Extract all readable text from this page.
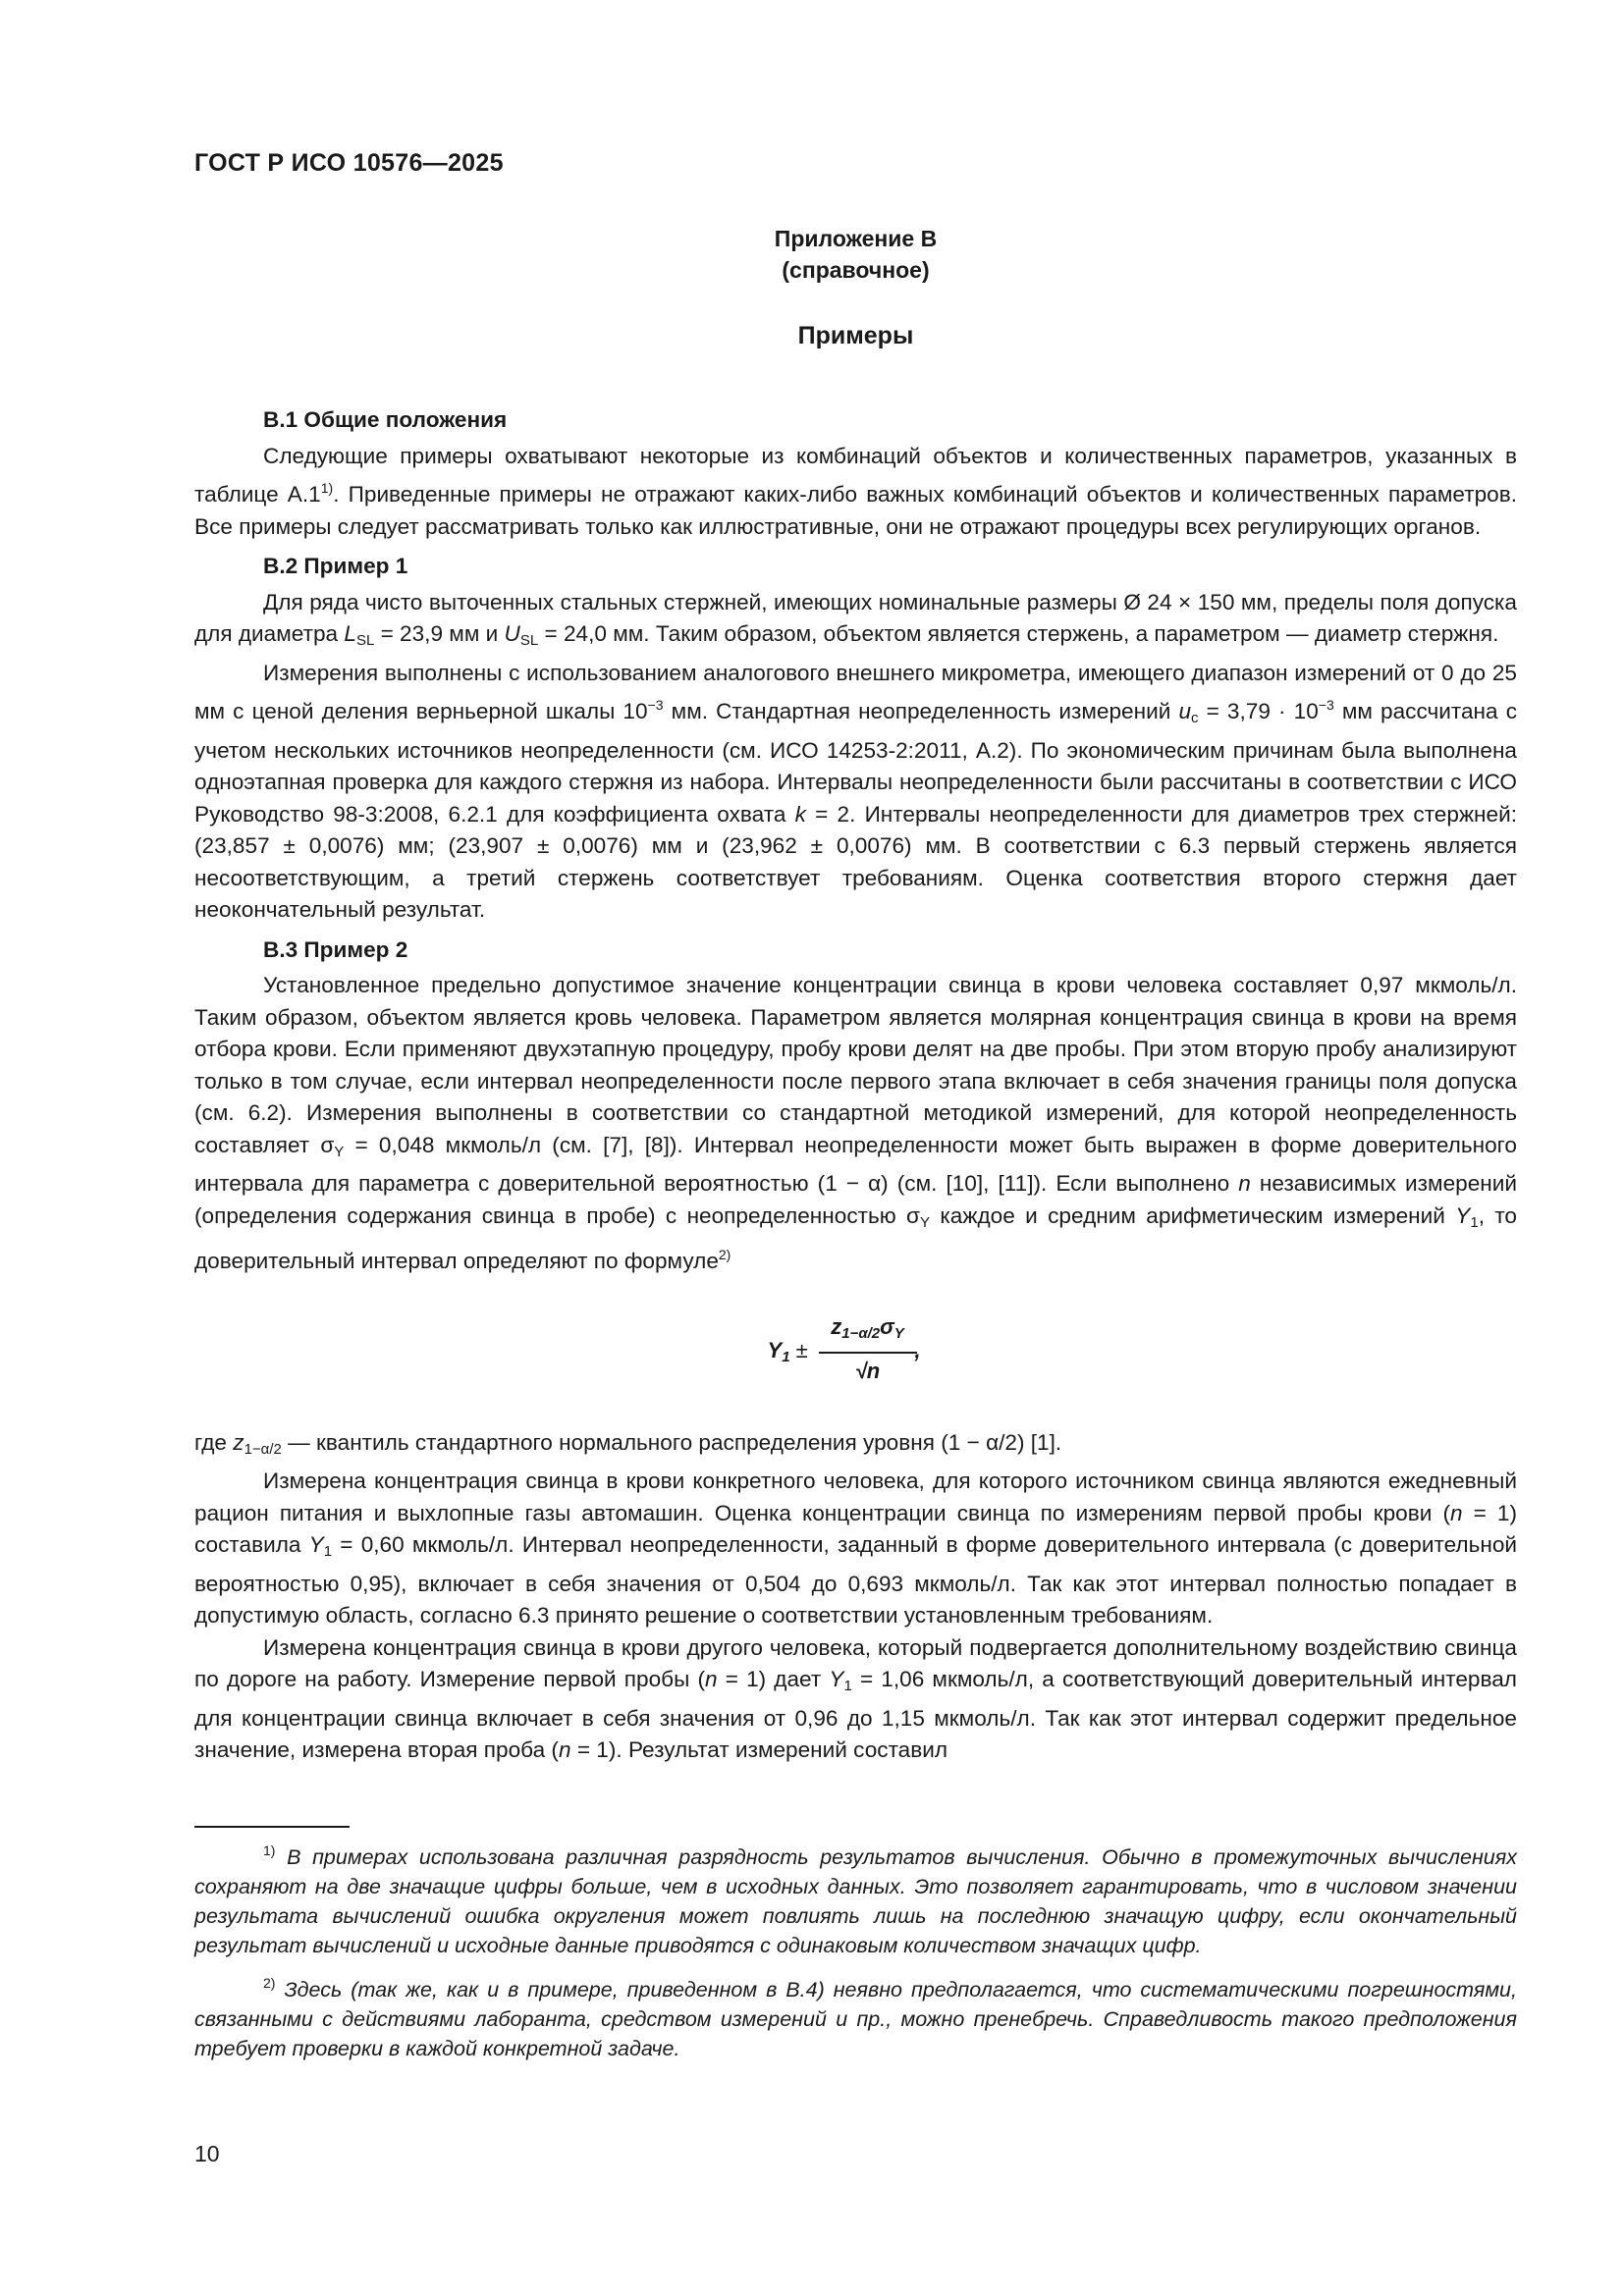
ГОСТ Р ИСО 10576—2025
Приложение В
(справочное)
Примеры
В.1 Общие положения

Следующие примеры охватывают некоторые из комбинаций объектов и количественных параметров, указанных в таблице А.1$^{1)}$. Приведенные примеры не отражают каких-либо важных комбинаций объектов и количественных параметров. Все примеры следует рассматривать только как иллюстративные, они не отражают процедуры всех регулирующих органов.

В.2 Пример 1

Для ряда чисто выточенных стальных стержней, имеющих номинальные размеры Ø 24 × 150 мм, пределы поля допуска для диаметра $L_{SL} = 23,9$ мм и $U_{SL} = 24,0$ мм. Таким образом, объектом является стержень, а параметром — диаметр стержня.

Измерения выполнены с использованием аналогового внешнего микрометра, имеющего диапазон измерений от 0 до 25 мм с ценой деления верньерной шкалы $10^{-3}$ мм. Стандартная неопределенность измерений $u_c = 3,79 \cdot 10^{-3}$ мм рассчитана с учетом нескольких источников неопределенности (см. ИСО 14253-2:2011, А.2). По экономическим причинам была выполнена одноэтапная проверка для каждого стержня из набора. Интервалы неопределенности были рассчитаны в соответствии с ИСО Руководство 98-3:2008, 6.2.1 для коэффициента охвата k = 2. Интервалы неопределенности для диаметров трех стержней: (23,857 ± 0,0076) мм; (23,907 ± 0,0076) мм и (23,962 ± 0,0076) мм. В соответствии с 6.3 первый стержень является несоответствующим, а третий стержень соответствует требованиям. Оценка соответствия второго стержня дает неокончательный результат.

В.3 Пример 2

Установленное предельно допустимое значение концентрации свинца в крови человека составляет 0,97 мкмоль/л. Таким образом, объектом является кровь человека. Параметром является молярная концентрация свинца в крови на время отбора крови. Если применяют двухэтапную процедуру, пробу крови делят на две пробы. При этом вторую пробу анализируют только в том случае, если интервал неопределенности после первого этапа включает в себя значения границы поля допуска (см. 6.2). Измерения выполнены в соответствии со стандартной методикой измерений, для которой неопределенность составляет $\sigma_Y = 0,048$ мкмоль/л (см. [7], [8]). Интервал неопределенности может быть выражен в форме доверительного интервала для параметра с доверительной вероятностью (1 − α) (см. [10], [11]). Если выполнено n независимых измерений (определения содержания свинца в пробе) с неопределенностью $\sigma_Y$ каждое и средним арифметическим измерений $Y_1$, то доверительный интервал определяют по формуле$^{2)}$

$Y_1 \pm \frac{z_{1-\alpha/2}\sigma_Y}{√n}$
,

где $z_{1-\alpha/2}$ — квантиль стандартного нормального распределения уровня (1 − α/2) [1].

Измерена концентрация свинца в крови конкретного человека, для которого источником свинца являются ежедневный рацион питания и выхлопные газы автомашин. Оценка концентрации свинца по измерениям первой пробы крови (n = 1) составила $Y_1 = 0,60$ мкмоль/л. Интервал неопределенности, заданный в форме доверительного интервала (с доверительной вероятностью 0,95), включает в себя значения от 0,504 до 0,693 мкмоль/л. Так как этот интервал полностью попадает в допустимую область, согласно 6.3 принято решение о соответствии установленным требованиям.

Измерена концентрация свинца в крови другого человека, который подвергается дополнительному воздействию свинца по дороге на работу. Измерение первой пробы (n = 1) дает $Y_1 = 1,06$ мкмоль/л, а соответствующий доверительный интервал для концентрации свинца включает в себя значения от 0,96 до 1,15 мкмоль/л. Так как этот интервал содержит предельное значение, измерена вторая проба (n = 1). Результат измерений составил

$^{1)}$ В примерах использована различная разрядность результатов вычисления. Обычно в промежуточных вычислениях сохраняют на две значащие цифры больше, чем в исходных данных. Это позволяет гарантировать, что в числовом значении результата вычислений ошибка округления может повлиять лишь на последнюю значащую цифру, если окончательный результат вычислений и исходные данные приводятся с одинаковым количеством значащих цифр.

$^{2)}$ Здесь (так же, как и в примере, приведенном в В.4) неявно предполагается, что систематическими погрешностями, связанными с действиями лаборанта, средством измерений и пр., можно пренебречь. Справедливость такого предположения требует проверки в каждой конкретной задаче.

10
